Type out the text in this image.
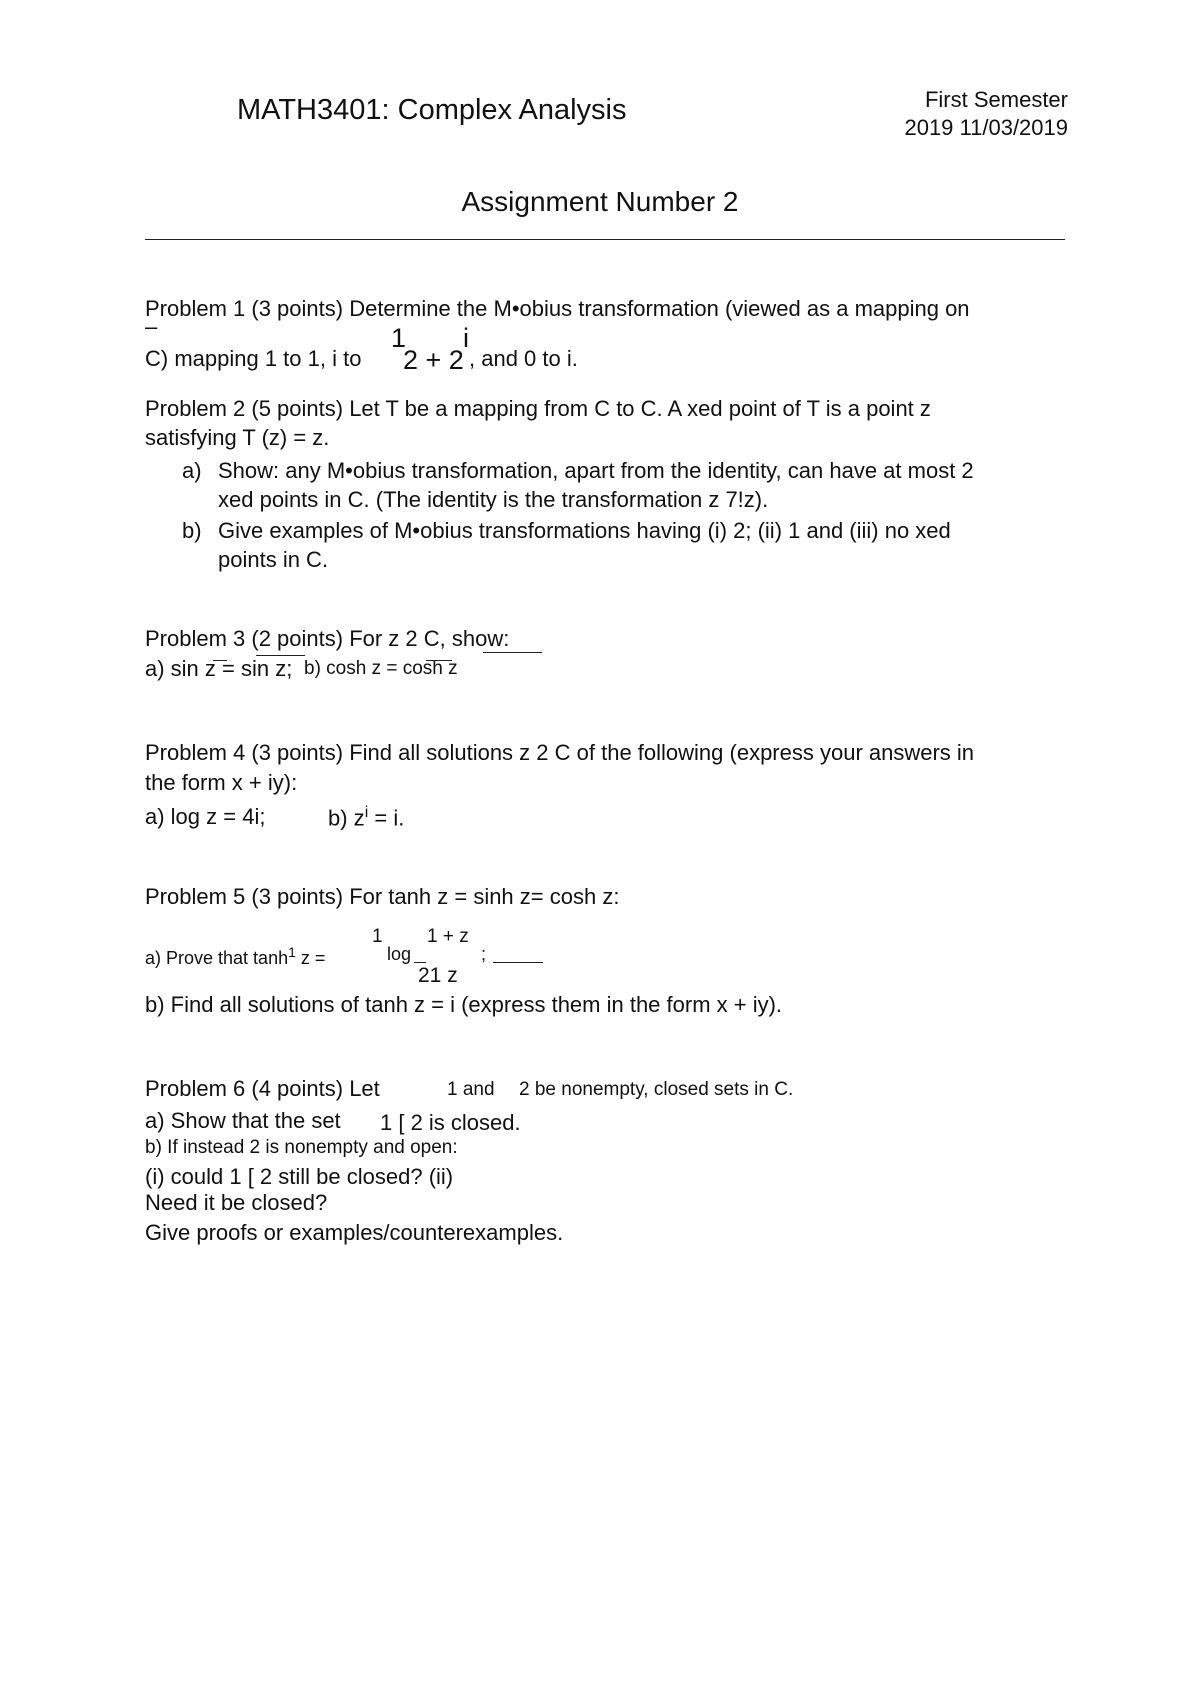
MATH3401: Complex Analysis	First Semester
2019 11/03/2019
Assignment Number 2
Problem 1 (3 points) Determine the M•obius transformation (viewed as a mapping on
–
C) mapping 1 to 1, i to
1 i
2 + 2 , and 0 to i.
Problem 2 (5 points) Let T be a mapping from C to C. A xed point of T is a point z
satisfying T (z) = z.
a) Show: any M•obius transformation, apart from the identity, can have at most 2
xed points in C. (The identity is the transformation z 7!z).
b) Give examples of M•obius transformations having (i) 2; (ii) 1 and (iii) no xed
points in C.
Problem 3 (2 points) For z 2 C, show:
a) sin z = sin z; b) cosh z = cosh z
Problem 4 (3 points) Find all solutions z 2 C of the following (express your answers in
the form x + iy):
a) log z = 4i;	b) $z^i = i$.
Problem 5 (3 points) For tanh z = sinh z= cosh z:
1 1 + z
a) Prove that $\tanh^1 z$ =	log	;
21 z
b) Find all solutions of tanh z = i (express them in the form x + iy).
Problem 6 (4 points) Let	1 and 2 be nonempty, closed sets in C.
a) Show that the set 1 [ 2 is closed.
b) If instead 2 is nonempty and open:
(i) could 1 [ 2 still be closed? (ii)
Need it be closed?
Give proofs or examples/counterexamples.
